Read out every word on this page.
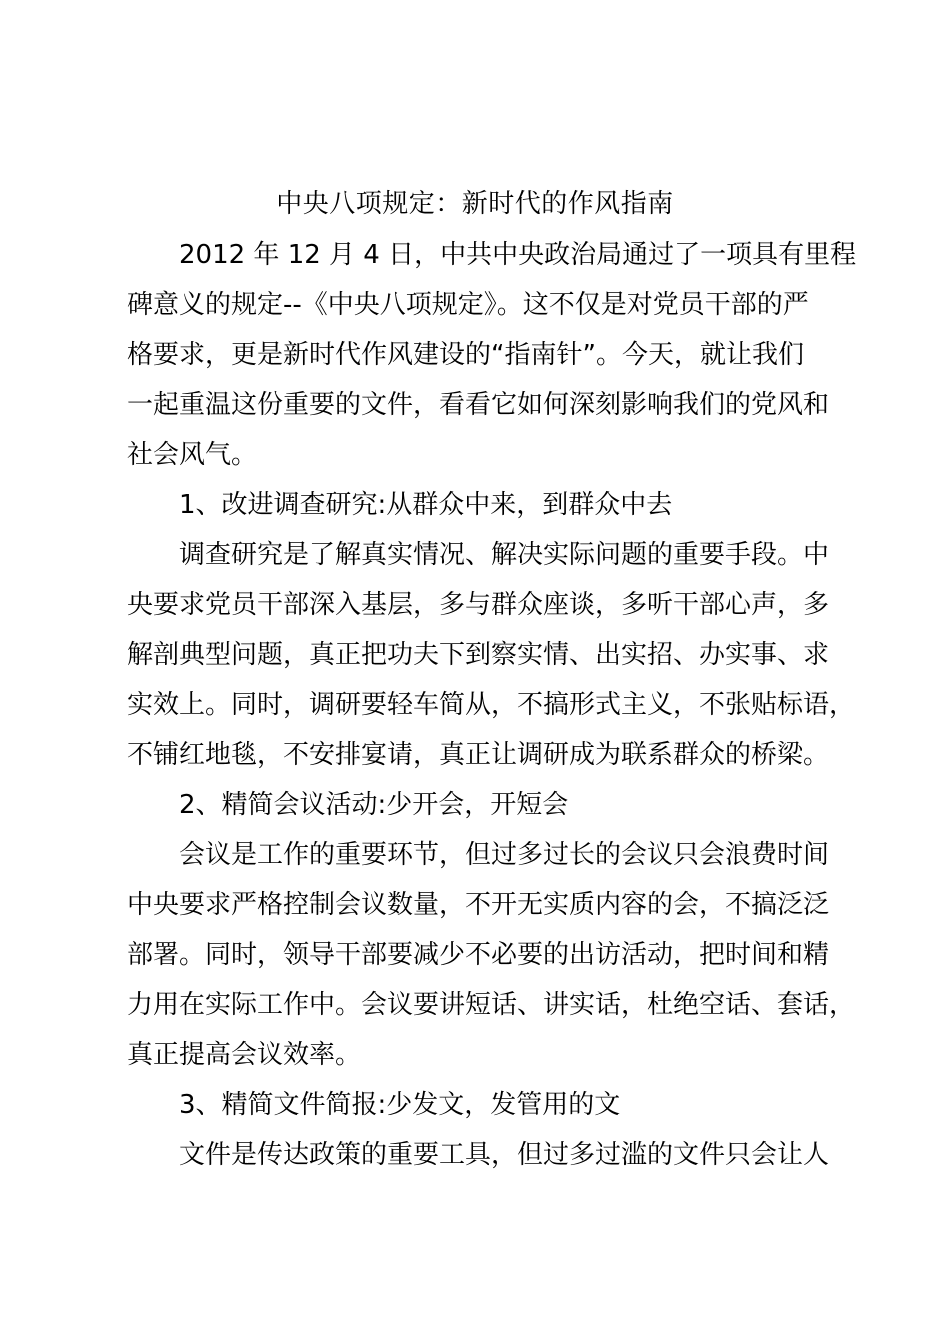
中央八项规定：新时代的作风指南
2012 年 12 月 4 日，中共中央政治局通过了一项具有里程
碑意义的规定--《中央八项规定》。这不仅是对党员干部的严
格要求，更是新时代作风建设的“指南针”。今天，就让我们
一起重温这份重要的文件，看看它如何深刻影响我们的党风和
社会风气。
1、改进调查研究:从群众中来，到群众中去
调查研究是了解真实情况、解决实际问题的重要手段。中
央要求党员干部深入基层，多与群众座谈，多听干部心声，多
解剖典型问题，真正把功夫下到察实情、出实招、办实事、求
实效上。同时，调研要轻车简从，不搞形式主义，不张贴标语，
不铺红地毯，不安排宴请，真正让调研成为联系群众的桥梁。
2、精简会议活动:少开会，开短会
会议是工作的重要环节，但过多过长的会议只会浪费时间
中央要求严格控制会议数量，不开无实质内容的会，不搞泛泛
部署。同时，领导干部要减少不必要的出访活动，把时间和精
力用在实际工作中。会议要讲短话、讲实话，杜绝空话、套话，
真正提高会议效率。
3、精简文件简报:少发文，发管用的文
文件是传达政策的重要工具，但过多过滥的文件只会让人
